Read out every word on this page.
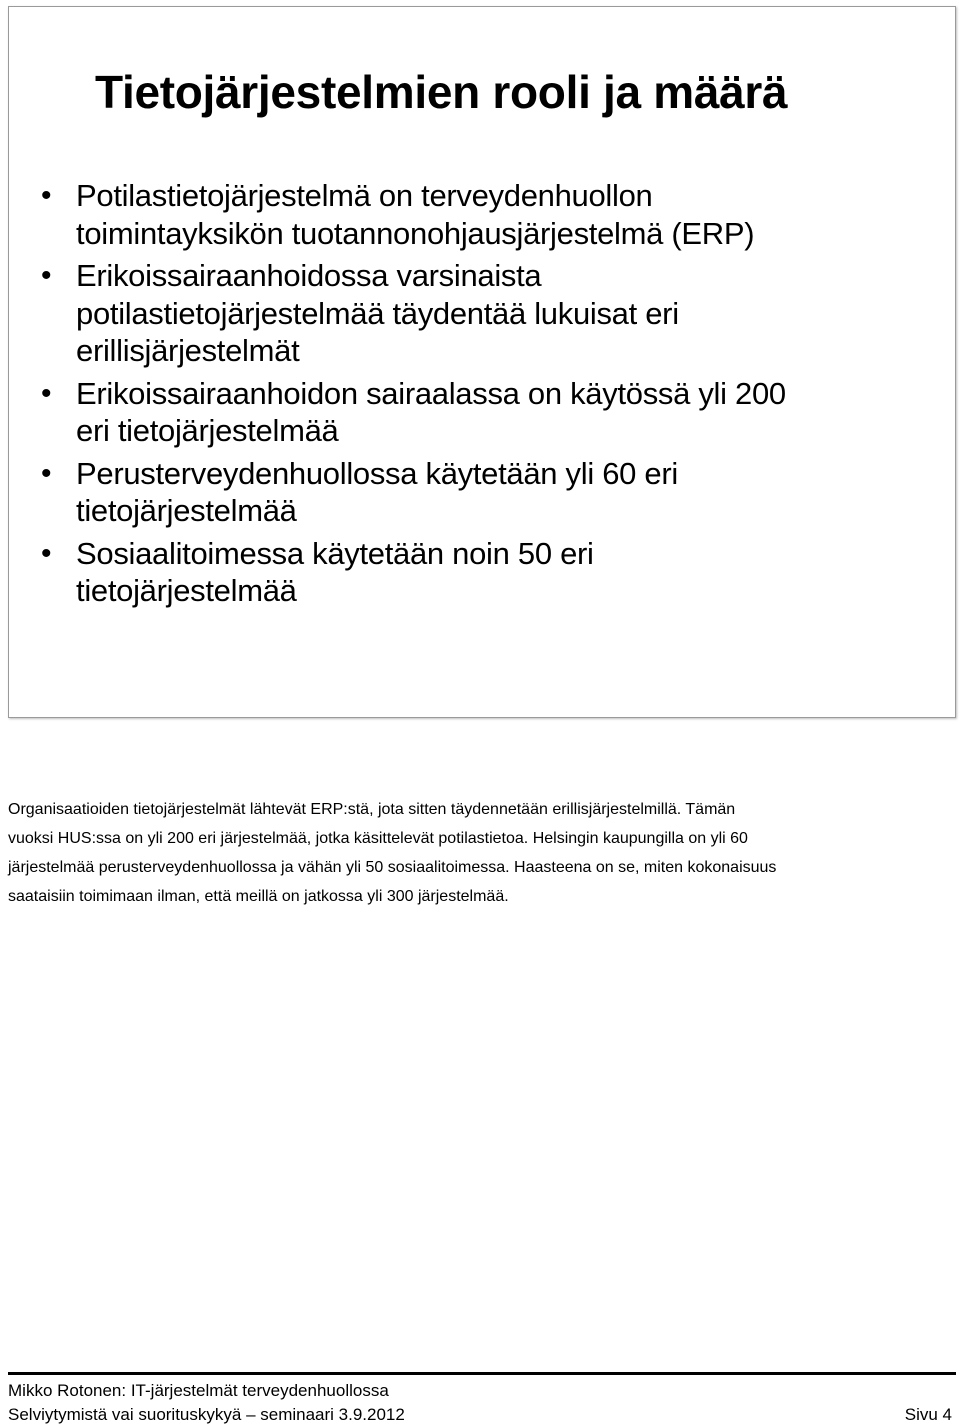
Tietojärjestelmien rooli ja määrä
• Potilastietojärjestelmä on terveydenhuollon
toimintayksikön tuotannonohjausjärjestelmä (ERP)
• Erikoissairaanhoidossa varsinaista
potilastietojärjestelmää täydentää lukuisat eri
erillisjärjestelmät
• Erikoissairaanhoidon sairaalassa on käytössä yli 200
eri tietojärjestelmää
• Perusterveydenhuollossa käytetään yli 60 eri
tietojärjestelmää
• Sosiaalitoimessa käytetään noin 50 eri
tietojärjestelmää

Organisaatioiden tietojärjestelmät lähtevät ERP:stä, jota sitten täydennetään erillisjärjestelmillä. Tämän
vuoksi HUS:ssa on yli 200 eri järjestelmää, jotka käsittelevät potilastietoa. Helsingin kaupungilla on yli 60
järjestelmää perusterveydenhuollossa ja vähän yli 50 sosiaalitoimessa. Haasteena on se, miten kokonaisuus
saataisiin toimimaan ilman, että meillä on jatkossa yli 300 järjestelmää.

Mikko Rotonen: IT-järjestelmät terveydenhuollossa
Selviytymistä vai suorituskykyä – seminaari 3.9.2012	Sivu 4
